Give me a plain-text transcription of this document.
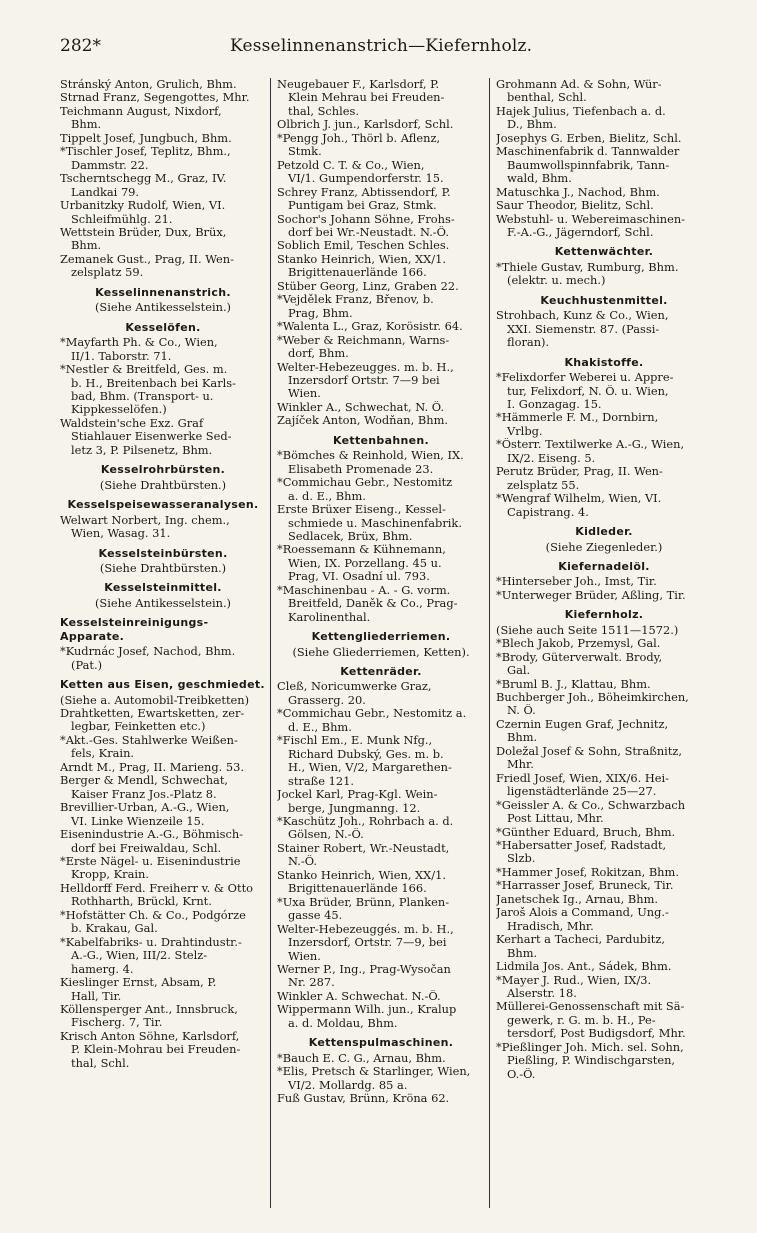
282*	Kesselinnenanstrich—Kiefernholz.
Stránský Anton, Grulich, Bhm.
Strnad Franz, Segengottes, Mhr.
Teichmann August, Nixdorf,
Bhm.
Tippelt Josef, Jungbuch, Bhm.
*Tischler Josef, Teplitz, Bhm.,
Dammstr. 22.
Tscherntschegg M., Graz, IV.
Landkai 79.
Urbanitzky Rudolf, Wien, VI.
Schleifmühlg. 21.
Wettstein Brüder, Dux, Brüx,
Bhm.
Zemanek Gust., Prag, II. Wen-
zelsplatz 59.
Kesselinnenanstrich.
(Siehe Antikesselstein.)
Kesselöfen.
*Mayfarth Ph. & Co., Wien,
II/1. Taborstr. 71.
*Nestler & Breitfeld, Ges. m.
b. H., Breitenbach bei Karls-
bad, Bhm. (Transport- u.
Kippkesselöfen.)
Waldstein'sche Exz. Graf
Stiahlauer Eisenwerke Sed-
letz 3, P. Pilsenetz, Bhm.
Kesselrohrbürsten.
(Siehe Drahtbürsten.)
Kesselspeisewasseranalysen.
Welwart Norbert, Ing. chem.,
Wien, Wasag. 31.
Kesselsteinbürsten.
(Siehe Drahtbürsten.)
Kesselsteinmittel.
(Siehe Antikesselstein.)
Kesselsteinreinigungs-Apparate.
*Kudrnác Josef, Nachod, Bhm.
(Pat.)
Ketten aus Eisen, geschmiedet.
(Siehe a. Automobil-Treibketten)
Drahtketten, Ewartsketten, zer-
legbar, Feinketten etc.)
*Akt.-Ges. Stahlwerke Weißen-
fels, Krain.
Arndt M., Prag, II. Marieng. 53.
Berger & Mendl, Schwechat,
Kaiser Franz Jos.-Platz 8.
Brevillier-Urban, A.-G., Wien,
VI. Linke Wienzeile 15.
Eisenindustrie A.-G., Böhmisch-
dorf bei Freiwaldau, Schl.
*Erste Nägel- u. Eisenindustrie
Kropp, Krain.
Helldorff Ferd. Freiherr v. & Otto
Rothharth, Brückl, Krnt.
*Hofstätter Ch. & Co., Podgórze
b. Krakau, Gal.
*Kabelfabriks- u. Drahtindustr.-
A.-G., Wien, III/2. Stelz-
hamerg. 4.
Kieslinger Ernst, Absam, P.
Hall, Tir.
Köllensperger Ant., Innsbruck,
Fischerg. 7, Tir.
Krisch Anton Söhne, Karlsdorf,
P. Klein-Mohrau bei Freuden-
thal, Schl.
Neugebauer F., Karlsdorf, P.
Klein Mehrau bei Freuden-
thal, Schles.
Olbrich J. jun., Karlsdorf, Schl.
*Pengg Joh., Thörl b. Aflenz,
Stmk.
Petzold C. T. & Co., Wien,
VI/1. Gumpendorferstr. 15.
Schrey Franz, Abtissendorf, P.
Puntigam bei Graz, Stmk.
Sochor's Johann Söhne, Frohs-
dorf bei Wr.-Neustadt. N.-Ö.
Soblich Emil, Teschen Schles.
Stanko Heinrich, Wien, XX/1.
Brigittenauerlände 166.
Stüber Georg, Linz, Graben 22.
*Vejdělek Franz, Břenov, b.
Prag, Bhm.
*Walenta L., Graz, Korösistr. 64.
*Weber & Reichmann, Warns-
dorf, Bhm.
Welter-Hebezeugges. m. b. H.,
Inzersdorf Ortstr. 7—9 bei
Wien.
Winkler A., Schwechat, N. Ö.
Zajíček Anton, Wodňan, Bhm.
Kettenbahnen.
*Bömches & Reinhold, Wien, IX.
Elisabeth Promenade 23.
*Commichau Gebr., Nestomitz
a. d. E., Bhm.
Erste Brüxer Eiseng., Kessel-
schmiede u. Maschinenfabrik.
Sedlacek, Brüx, Bhm.
*Roessemann & Kühnemann,
Wien, IX. Porzellang. 45 u.
Prag, VI. Osadní ul. 793.
*Maschinenbau - A. - G. vorm.
Breitfeld, Daněk & Co., Prag-
Karolinenthal.
Kettengliederriemen.
(Siehe Gliederriemen, Ketten).
Kettenräder.
Cleß, Noricumwerke Graz,
Grasserg. 20.
*Commichau Gebr., Nestomitz a.
d. E., Bhm.
*Fischl Em., E. Munk Nfg.,
Richard Dubský, Ges. m. b.
H., Wien, V/2, Margarethen-
straße 121.
Jockel Karl, Prag-Kgl. Wein-
berge, Jungmanng. 12.
*Kaschütz Joh., Rohrbach a. d.
Gölsen, N.-Ö.
Stainer Robert, Wr.-Neustadt,
N.-Ö.
Stanko Heinrich, Wien, XX/1.
Brigittenauerlände 166.
*Uxa Brüder, Brünn, Planken-
gasse 45.
Welter-Hebezeuggés. m. b. H.,
Inzersdorf, Ortstr. 7—9, bei
Wien.
Werner P., Ing., Prag-Wysočan
Nr. 287.
Winkler A. Schwechat. N.-Ö.
Wippermann Wilh. jun., Kralup
a. d. Moldau, Bhm.
Kettenspulmaschinen.
*Bauch E. C. G., Arnau, Bhm.
*Elis, Pretsch & Starlinger, Wien,
VI/2. Mollardg. 85 a.
Fuß Gustav, Brünn, Kröna 62.
Grohmann Ad. & Sohn, Wür-
benthal, Schl.
Hajek Julius, Tiefenbach a. d.
D., Bhm.
Josephys G. Erben, Bielitz, Schl.
Maschinenfabrik d. Tannwalder
Baumwollspinnfabrik, Tann-
wald, Bhm.
Matuschka J., Nachod, Bhm.
Saur Theodor, Bielitz, Schl.
Webstuhl- u. Webereimaschinen-
F.-A.-G., Jägerndorf, Schl.
Kettenwächter.
*Thiele Gustav, Rumburg, Bhm.
(elektr. u. mech.)
Keuchhustenmittel.
Strohbach, Kunz & Co., Wien,
XXI. Siemenstr. 87. (Passi-
floran).
Khakistoffe.
*Felixdorfer Weberei u. Appre-
tur, Felixdorf, N. Ö. u. Wien,
I. Gonzagag. 15.
*Hämmerle F. M., Dornbirn,
Vrlbg.
*Österr. Textilwerke A.-G., Wien,
IX/2. Eiseng. 5.
Perutz Brüder, Prag, II. Wen-
zelsplatz 55.
*Wengraf Wilhelm, Wien, VI.
Capistrang. 4.
Kidleder.
(Siehe Ziegenleder.)
Kiefernadelöl.
*Hinterseber Joh., Imst, Tir.
*Unterweger Brüder, Aßling, Tir.
Kiefernholz.
(Siehe auch Seite 1511—1572.)
*Blech Jakob, Przemysl, Gal.
*Brody, Güterverwalt. Brody,
Gal.
*Bruml B. J., Klattau, Bhm.
Buchberger Joh., Böheimkirchen,
N. Ö.
Czernin Eugen Graf, Jechnitz,
Bhm.
Doležal Josef & Sohn, Straßnitz,
Mhr.
Friedl Josef, Wien, XIX/6. Hei-
ligenstädterlände 25—27.
*Geissler A. & Co., Schwarzbach
Post Littau, Mhr.
*Günther Eduard, Bruch, Bhm.
*Habersatter Josef, Radstadt,
Slzb.
*Hammer Josef, Rokitzan, Bhm.
*Harrasser Josef, Bruneck, Tir.
Janetschek Ig., Arnau, Bhm.
Jaroš Alois a Command, Ung.-
Hradisch, Mhr.
Kerhart a Tacheci, Pardubitz,
Bhm.
Lidmila Jos. Ant., Sádek, Bhm.
*Mayer J. Rud., Wien, IX/3.
Alserstr. 18.
Müllerei-Genossenschaft mit Sä-
gewerk, r. G. m. b. H., Pe-
tersdorf, Post Budigsdorf, Mhr.
*Pießlinger Joh. Mich. sel. Sohn,
Pießling, P. Windischgarsten,
O.-Ö.
